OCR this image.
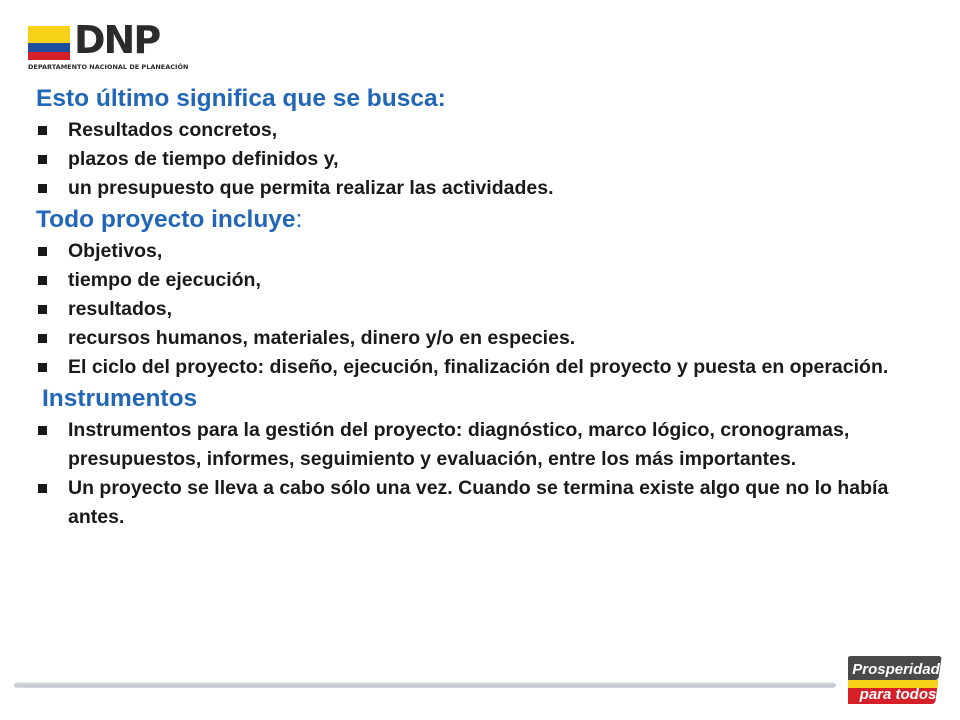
DNP
DEPARTAMENTO NACIONAL DE PLANEACIÓN
Esto último significa que se busca:
Resultados concretos,
plazos de tiempo definidos y,
un presupuesto que permita realizar las actividades.
Todo proyecto incluye:
Objetivos,
tiempo de ejecución,
resultados,
recursos humanos, materiales, dinero y/o en especies.
El ciclo del proyecto: diseño, ejecución, finalización del proyecto y puesta en operación.
Instrumentos
Instrumentos para la gestión del proyecto: diagnóstico, marco lógico, cronogramas, presupuestos, informes, seguimiento y evaluación, entre los más importantes.
Un proyecto se lleva a cabo sólo una vez. Cuando se termina existe algo que no lo había antes.
Prosperidad
para todos
